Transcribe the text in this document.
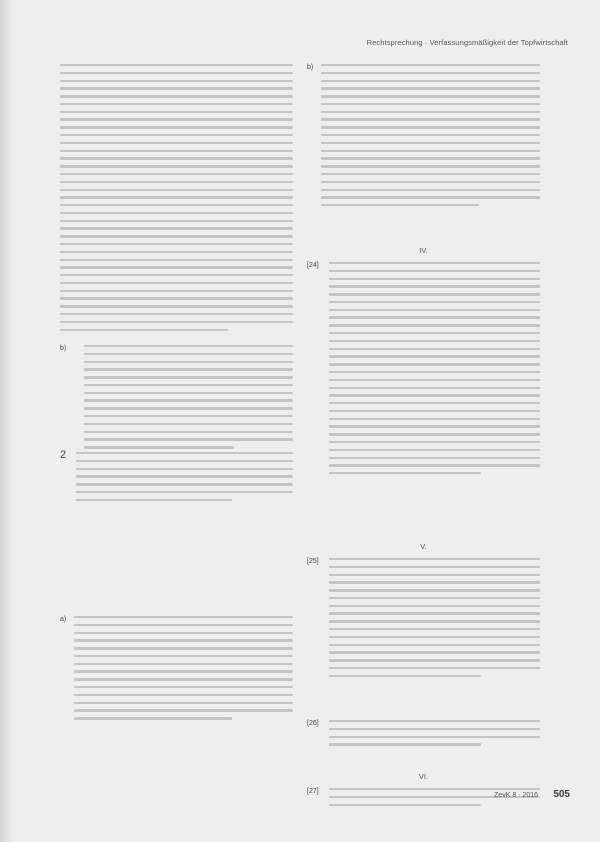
Rechtsprechung · Verfassungsmäßigkeit der Topfwirtschaft
b)
2
a)
b)
IV.
[24]
V.
[25]
[26]
VI.
[27]
ZevK 8 · 2016 505
